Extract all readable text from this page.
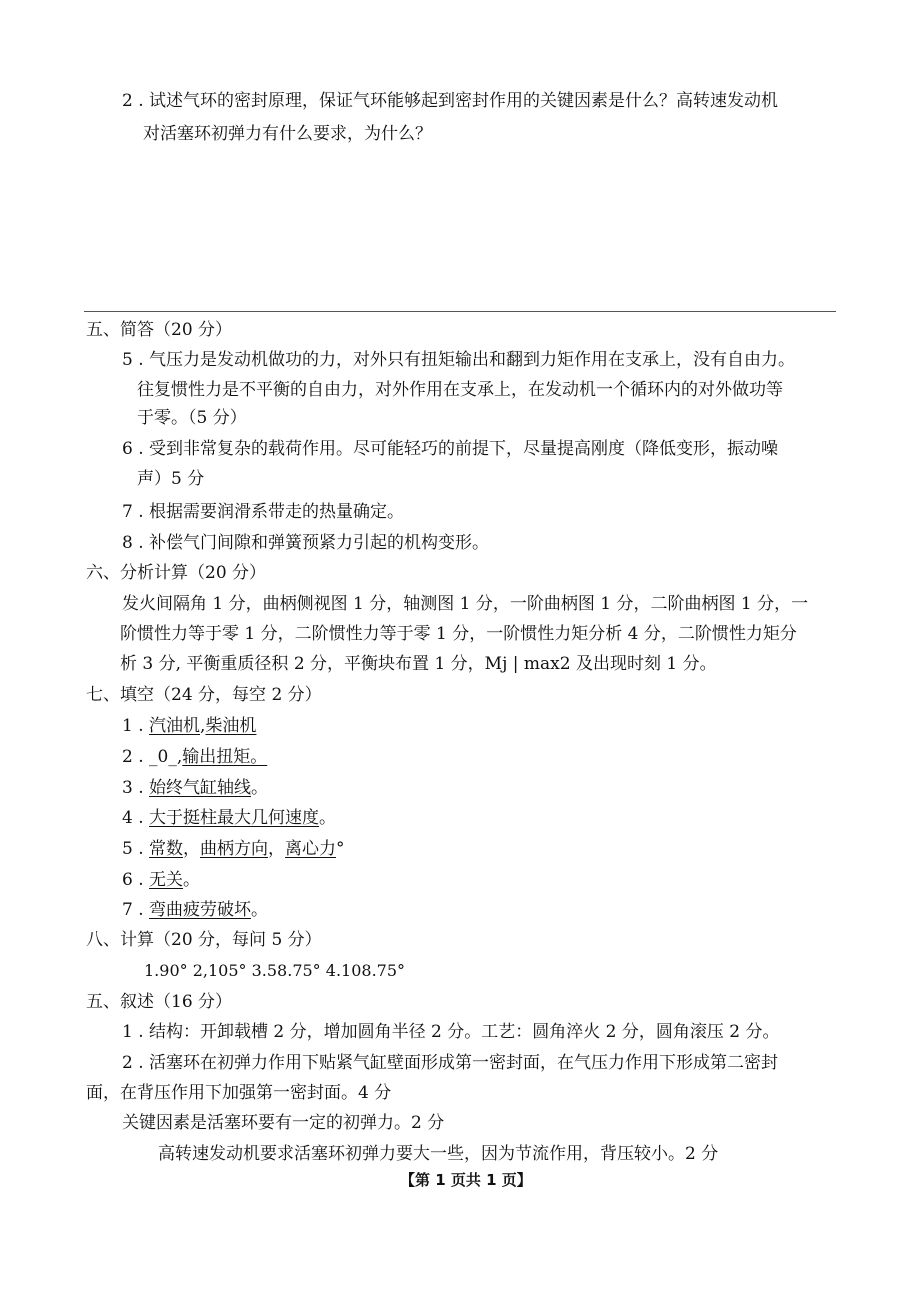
2 . 试述气环的密封原理，保证气环能够起到密封作用的关键因素是什么？高转速发动机
对活塞环初弹力有什么要求，为什么？
五、简答（20 分）
5 . 气压力是发动机做功的力，对外只有扭矩输出和翻到力矩作用在支承上，没有自由力。
往复惯性力是不平衡的自由力，对外作用在支承上，在发动机一个循环内的对外做功等
于零。（5 分）
6 . 受到非常复杂的载荷作用。尽可能轻巧的前提下，尽量提高刚度（降低变形，振动噪
声）5 分
7 . 根据需要润滑系带走的热量确定。
8 . 补偿气门间隙和弹簧预紧力引起的机构变形。
六、分析计算（20 分）
发火间隔角 1 分，曲柄侧视图 1 分，轴测图 1 分，一阶曲柄图 1 分，二阶曲柄图 1 分，一
阶惯性力等于零 1 分，二阶惯性力等于零 1 分，一阶惯性力矩分析 4 分，二阶惯性力矩分
析 3 分, 平衡重质径积 2 分，平衡块布置 1 分，Mj | max2 及出现时刻 1 分。
七、填空（24 分，每空 2 分）
1 . 汽油机,柴油机
2 . _0_,输出扭矩。
3 . 始终气缸轴线。
4 . 大于挺柱最大几何速度。
5 . 常数，曲柄方向，离心力°
6 . 无关。
7 . 弯曲疲劳破坏。
八、计算（20 分，每问 5 分）
1.90° 2,105° 3.58.75° 4.108.75°
五、叙述（16 分）
1 . 结构：开卸载槽 2 分，增加圆角半径 2 分。工艺：圆角淬火 2 分，圆角滚压 2 分。
2 . 活塞环在初弹力作用下贴紧气缸壁面形成第一密封面，在气压力作用下形成第二密封
面，在背压作用下加强第一密封面。4 分
关键因素是活塞环要有一定的初弹力。2 分
高转速发动机要求活塞环初弹力要大一些，因为节流作用，背压较小。2 分
【第 1 页共 1 页】
